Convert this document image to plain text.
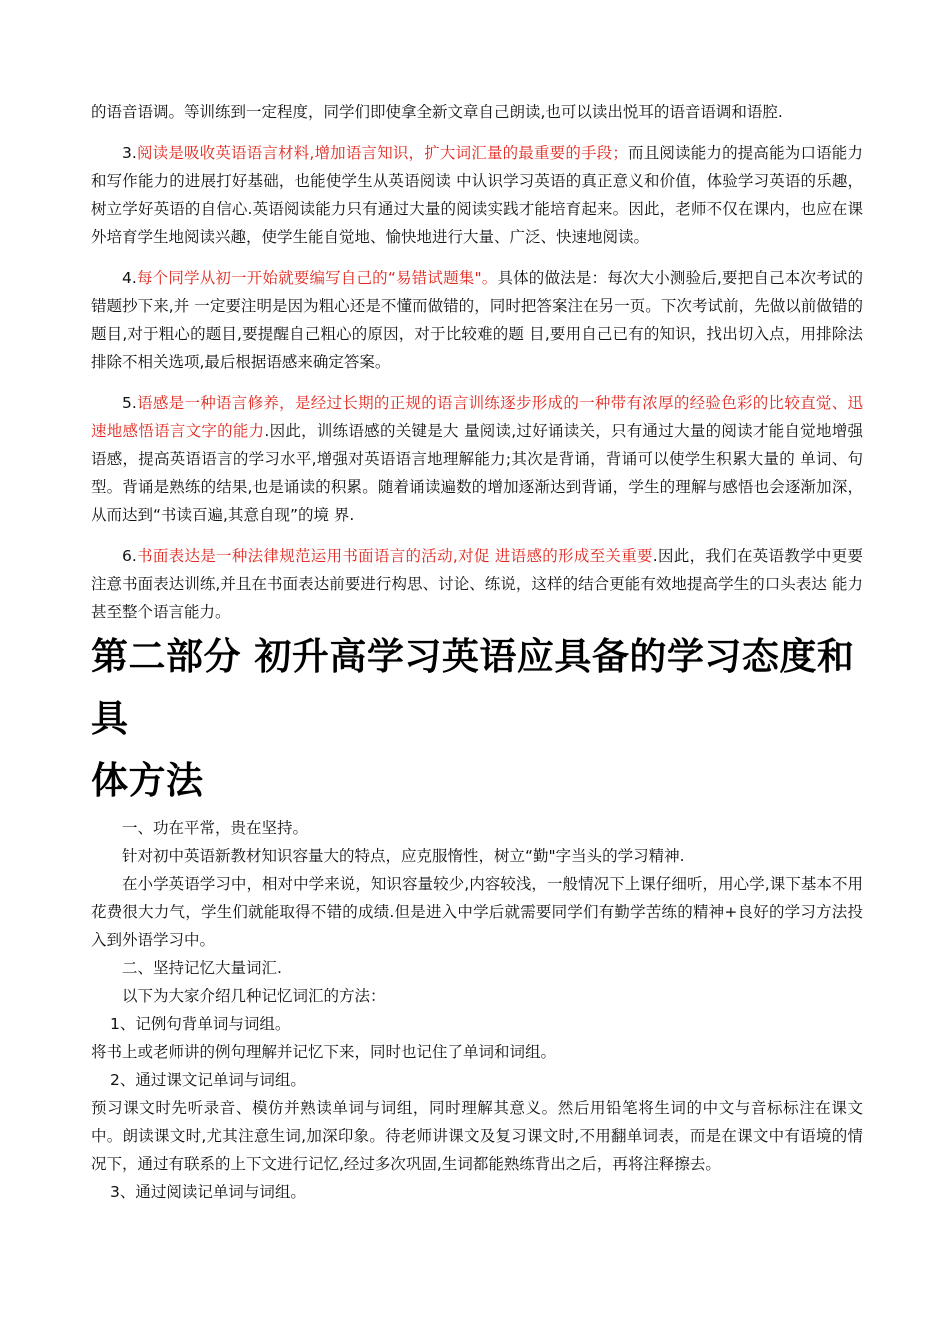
的语音语调。等训练到一定程度，同学们即使拿全新文章自己朗读,也可以读出悦耳的语音语调和语腔.

3.阅读是吸收英语语言材料,增加语言知识，扩大词汇量的最重要的手段；而且阅读能力的提高能为口语能力和写作能力的进展打好基础，也能使学生从英语阅读 中认识学习英语的真正意义和价值，体验学习英语的乐趣，树立学好英语的自信心.英语阅读能力只有通过大量的阅读实践才能培育起来。因此，老师不仅在课内，也应在课外培育学生地阅读兴趣，使学生能自觉地、愉快地进行大量、广泛、快速地阅读。

4.每个同学从初一开始就要编写自己的“易错试题集"。具体的做法是：每次大小测验后,要把自己本次考试的错题抄下来,并 一定要注明是因为粗心还是不懂而做错的，同时把答案注在另一页。下次考试前，先做以前做错的题目,对于粗心的题目,要提醒自己粗心的原因，对于比较难的题 目,要用自己已有的知识，找出切入点，用排除法排除不相关选项,最后根据语感来确定答案。

5.语感是一种语言修养，是经过长期的正规的语言训练逐步形成的一种带有浓厚的经验色彩的比较直觉、迅速地感悟语言文字的能力.因此，训练语感的关键是大 量阅读,过好诵读关，只有通过大量的阅读才能自觉地增强语感，提高英语语言的学习水平,增强对英语语言地理解能力;其次是背诵，背诵可以使学生积累大量的 单词、句型。背诵是熟练的结果,也是诵读的积累。随着诵读遍数的增加逐渐达到背诵，学生的理解与感悟也会逐渐加深，从而达到“书读百遍,其意自现”的境 界.

6.书面表达是一种法律规范运用书面语言的活动,对促 进语感的形成至关重要.因此，我们在英语教学中更要注意书面表达训练,并且在书面表达前要进行构思、讨论、练说，这样的结合更能有效地提高学生的口头表达 能力甚至整个语言能力。

第二部分 初升高学习英语应具备的学习态度和具
体方法

一、功在平常，贵在坚持。

针对初中英语新教材知识容量大的特点，应克服惰性，树立“勤"字当头的学习精神.

在小学英语学习中，相对中学来说，知识容量较少,内容较浅，一般情况下上课仔细听，用心学,课下基本不用花费很大力气，学生们就能取得不错的成绩.但是进入中学后就需要同学们有勤学苦练的精神+良好的学习方法投入到外语学习中。

二、坚持记忆大量词汇.

以下为大家介绍几种记忆词汇的方法：

1、记例句背单词与词组。

将书上或老师讲的例句理解并记忆下来，同时也记住了单词和词组。

2、通过课文记单词与词组。

预习课文时先听录音、模仿并熟读单词与词组，同时理解其意义。然后用铅笔将生词的中文与音标标注在课文中。朗读课文时,尤其注意生词,加深印象。待老师讲课文及复习课文时,不用翻单词表，而是在课文中有语境的情况下，通过有联系的上下文进行记忆,经过多次巩固,生词都能熟练背出之后，再将注释擦去。

3、通过阅读记单词与词组。
